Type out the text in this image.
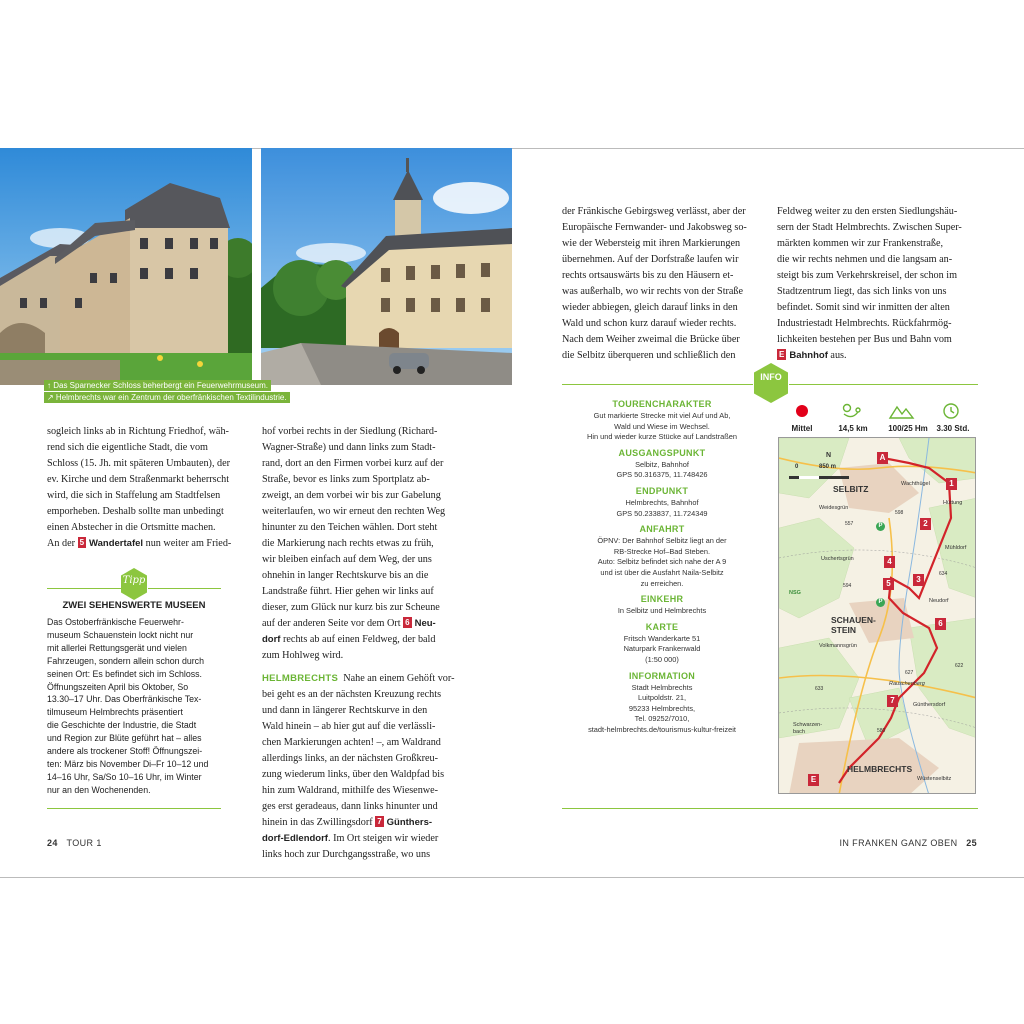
↑ Das Sparnecker Schloss beherbergt ein Feuerwehrmuseum.
↗ Helmbrechts war ein Zentrum der oberfränkischen Textilindustrie.
sogleich links ab in Richtung Friedhof, wäh-
rend sich die eigentliche Stadt, die vom
Schloss (15. Jh. mit späteren Umbauten), der
ev. Kirche und dem Straßenmarkt beherrscht
wird, die sich in Staffelung am Stadtfelsen
emporheben. Deshalb sollte man unbedingt
einen Abstecher in die Ortsmitte machen.
An der 5 Wandertafel nun weiter am Fried-
Tipp
ZWEI SEHENSWERTE MUSEEN
Das Ostoberfränkische Feuerwehr-
museum Schauenstein lockt nicht nur
mit allerlei Rettungsgerät und vielen
Fahrzeugen, sondern allein schon durch
seinen Ort: Es befindet sich im Schloss.
Öffnungszeiten April bis Oktober, So
13.30–17 Uhr. Das Oberfränkische Tex-
tilmuseum Helmbrechts präsentiert
die Geschichte der Industrie, die Stadt
und Region zur Blüte geführt hat – alles
andere als trockener Stoff! Öffnungszei-
ten: März bis November Di–Fr 10–12 und
14–16 Uhr, Sa/So 10–16 Uhr, im Winter
nur an den Wochenenden.
hof vorbei rechts in der Siedlung (Richard-
Wagner-Straße) und dann links zum Stadt-
rand, dort an den Firmen vorbei kurz auf der
Straße, bevor es links zum Sportplatz ab-
zweigt, an dem vorbei wir bis zur Gabelung
weiterlaufen, wo wir erneut den rechten Weg
hinunter zu den Teichen wählen. Dort steht
die Markierung nach rechts etwas zu früh,
wir bleiben einfach auf dem Weg, der uns
ohnehin in langer Rechtskurve bis an die
Landstraße führt. Hier gehen wir links auf
dieser, zum Glück nur kurz bis zur Scheune
auf der anderen Seite vor dem Ort 6 Neu-
dorf rechts ab auf einen Feldweg, der bald
zum Hohlweg wird.
HELMBRECHTS Nahe an einem Gehöft vor-
bei geht es an der nächsten Kreuzung rechts
und dann in längerer Rechtskurve in den
Wald hinein – ab hier gut auf die verlässli-
chen Markierungen achten! –, am Waldrand
allerdings links, an der nächsten Großkreu-
zung wiederum links, über den Waldpfad bis
hin zum Waldrand, mithilfe des Wiesenwe-
ges erst geradeaus, dann links hinunter und
hinein in das Zwillingsdorf 7 Günthers-
dorf-Edlendorf. Im Ort steigen wir wieder
links hoch zur Durchgangsstraße, wo uns
der Fränkische Gebirgsweg verlässt, aber der
Europäische Fernwander- und Jakobsweg so-
wie der Weberstеig mit ihren Markierungen
übernehmen. Auf der Dorfstraße laufen wir
rechts ortsauswärts bis zu den Häusern et-
was außerhalb, wo wir rechts von der Straße
wieder abbiegen, gleich darauf links in den
Wald und schon kurz darauf wieder rechts.
Nach dem Weiher zweimal die Brücke über
die Selbitz überqueren und schließlich den
Feldweg weiter zu den ersten Siedlungshäu-
sern der Stadt Helmbrechts. Zwischen Super-
märkten kommen wir zur Frankenstraße,
die wir rechts nehmen und die langsam an-
steigt bis zum Verkehrskreisel, der schon im
Stadtzentrum liegt, das sich links von uns
befindet. Somit sind wir inmitten der alten
Industriestadt Helmbrechts. Rückfahrmög-
lichkeiten bestehen per Bus und Bahn vom
E Bahnhof aus.
INFO
TOURENCHARAKTER
Gut markierte Strecke mit viel Auf und Ab,
Wald und Wiese im Wechsel.
Hin und wieder kurze Stücke auf Landstraßen
AUSGANGSPUNKT
Selbitz, Bahnhof
GPS 50.316375, 11.748426
ENDPUNKT
Helmbrechts, Bahnhof
GPS 50.233837, 11.724349
ANFAHRT
ÖPNV: Der Bahnhof Selbitz liegt an der
RB-Strecke Hof–Bad Steben.
Auto: Selbitz befindet sich nahe der A 9
und ist über die Ausfahrt Naila-Selbitz
zu erreichen.
EINKEHR
In Selbitz und Helmbrechts
KARTE
Fritsch Wanderkarte 51
Naturpark Frankenwald
(1:50 000)
INFORMATION
Stadt Helmbrechts
Luitpoldstr. 21,
95233 Helmbrechts,
Tel. 09252/7010,
stadt-helmbrechts.de/tourismus-kultur-freizeit
Mittel	14,5 km	100/25 Hm	3.30 Std.
0	850 m
N
SELBITZ
SCHAUEN-
STEIN
HELMBRECHTS
Wachthügel
Hüttung
Weidesgrün
Mühldorf
Uschertsgrün
Neudorf
Volkmannsgrün
Rauschenberg
Günthersdorf
Schwarzen-
bach
Wüstenselbitz
598
557
634
594
627
622
633
580
NSG
P
P
A
1
2
3
4
5
6
7
E
24 TOUR 1	IN FRANKEN GANZ OBEN 25
